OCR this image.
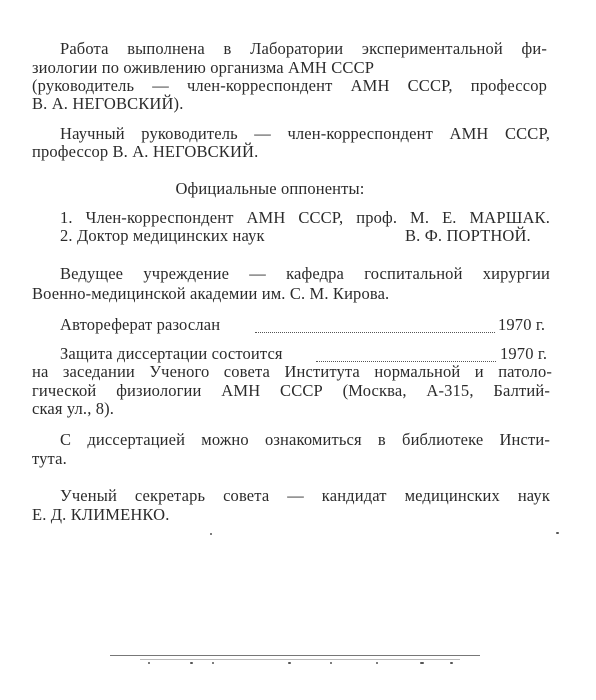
Работа выполнена в Лаборатории экспериментальной фи-
зиологии по оживлению организма АМН СССР
(руководитель — член-корреспондент АМН СССР, профессор
В. А. НЕГОВСКИЙ).
Научный руководитель — член-корреспондент АМН СССР,
профессор В. А. НЕГОВСКИЙ.
Официальные оппоненты:
1. Член-корреспондент АМН СССР, проф. М. Е. МАРШАК.
2. Доктор медицинских наук	В. Ф. ПОРТНОЙ.
Ведущее учреждение — кафедра госпитальной хирургии
Военно-медицинской академии им. С. М. Кирова.
Автореферат разослан	1970 г.
Защита диссертации состоится	1970 г.
на заседании Ученого совета Института нормальной и патоло-
гической физиологии АМН СССР (Москва, А-315, Балтий-
ская ул., 8).
С диссертацией можно ознакомиться в библиотеке Инсти-
тута.
Ученый секретарь совета — кандидат медицинских наук
Е. Д. КЛИМЕНКО.
